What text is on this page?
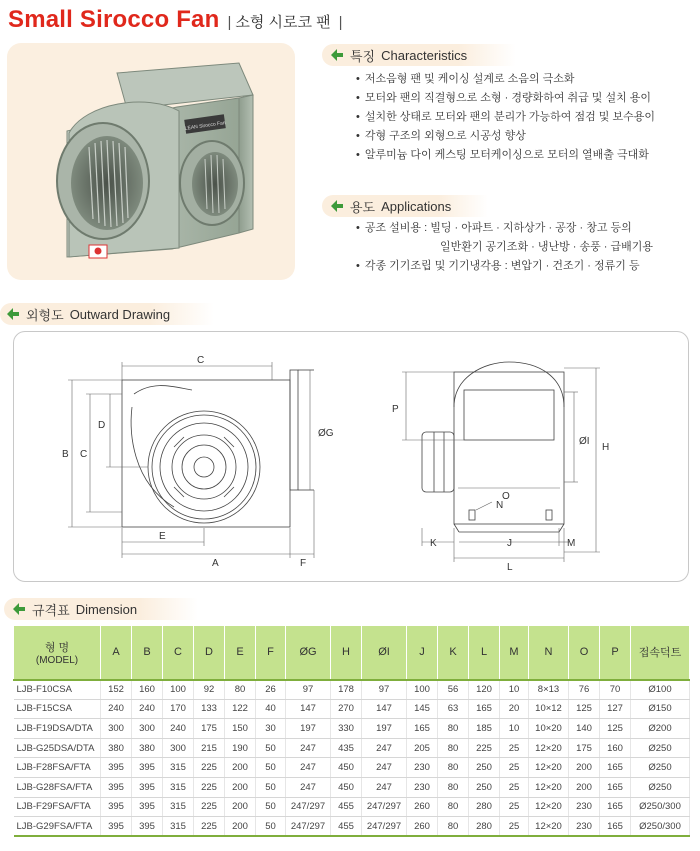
Small Sirocco Fan | 소형 시로코 팬 |
LEAN Sirocco Fan
특징 Characteristics
• 저소음형 팬 및 케이싱 설계로 소음의 극소화
• 모터와 팬의 직결형으로 소형 · 경량화하여 취급 및 설치 용이
• 설치한 상태로 모터와 팬의 분리가 가능하여 점검 및 보수용이
• 각형 구조의 외형으로 시공성 향상
• 알루미늄 다이 케스팅 모터케이싱으로 모터의 열배출 극대화
용도 Applications
• 공조 설비용 : 빌딩 · 아파트 · 지하상가 · 공장 · 창고 등의
일반환기 공기조화 · 냉난방 · 송풍 · 급배기용
• 각종 기기조립 및 기기냉각용 : 변압기 · 건조기 · 정류기 등
외형도 Outward Drawing
C
B C
D
E
A	F
ØG
P
O
ØI
H
N
K	J
L
M
규격표 Dimension
형 명
(MODEL)	A	B	C	D	E	F	ØG	H	ØI	J	K	L	M	N	O	P	접속덕트
LJB-F10CSA	152	160	100	92	80	26	97	178	97	100	56	120	10	8×13	76	70	Ø100
LJB-F15CSA	240	240	170	133	122	40	147	270	147	145	63	165	20	10×12	125	127	Ø150
LJB-F19DSA/DTA	300	300	240	175	150	30	197	330	197	165	80	185	10	10×20	140	125	Ø200
LJB-G25DSA/DTA	380	380	300	215	190	50	247	435	247	205	80	225	25	12×20	175	160	Ø250
LJB-F28FSA/FTA	395	395	315	225	200	50	247	450	247	230	80	250	25	12×20	200	165	Ø250
LJB-G28FSA/FTA	395	395	315	225	200	50	247	450	247	230	80	250	25	12×20	200	165	Ø250
LJB-F29FSA/FTA	395	395	315	225	200	50	247/297	455	247/297	260	80	280	25	12×20	230	165	Ø250/300
LJB-G29FSA/FTA	395	395	315	225	200	50	247/297	455	247/297	260	80	280	25	12×20	230	165	Ø250/300
